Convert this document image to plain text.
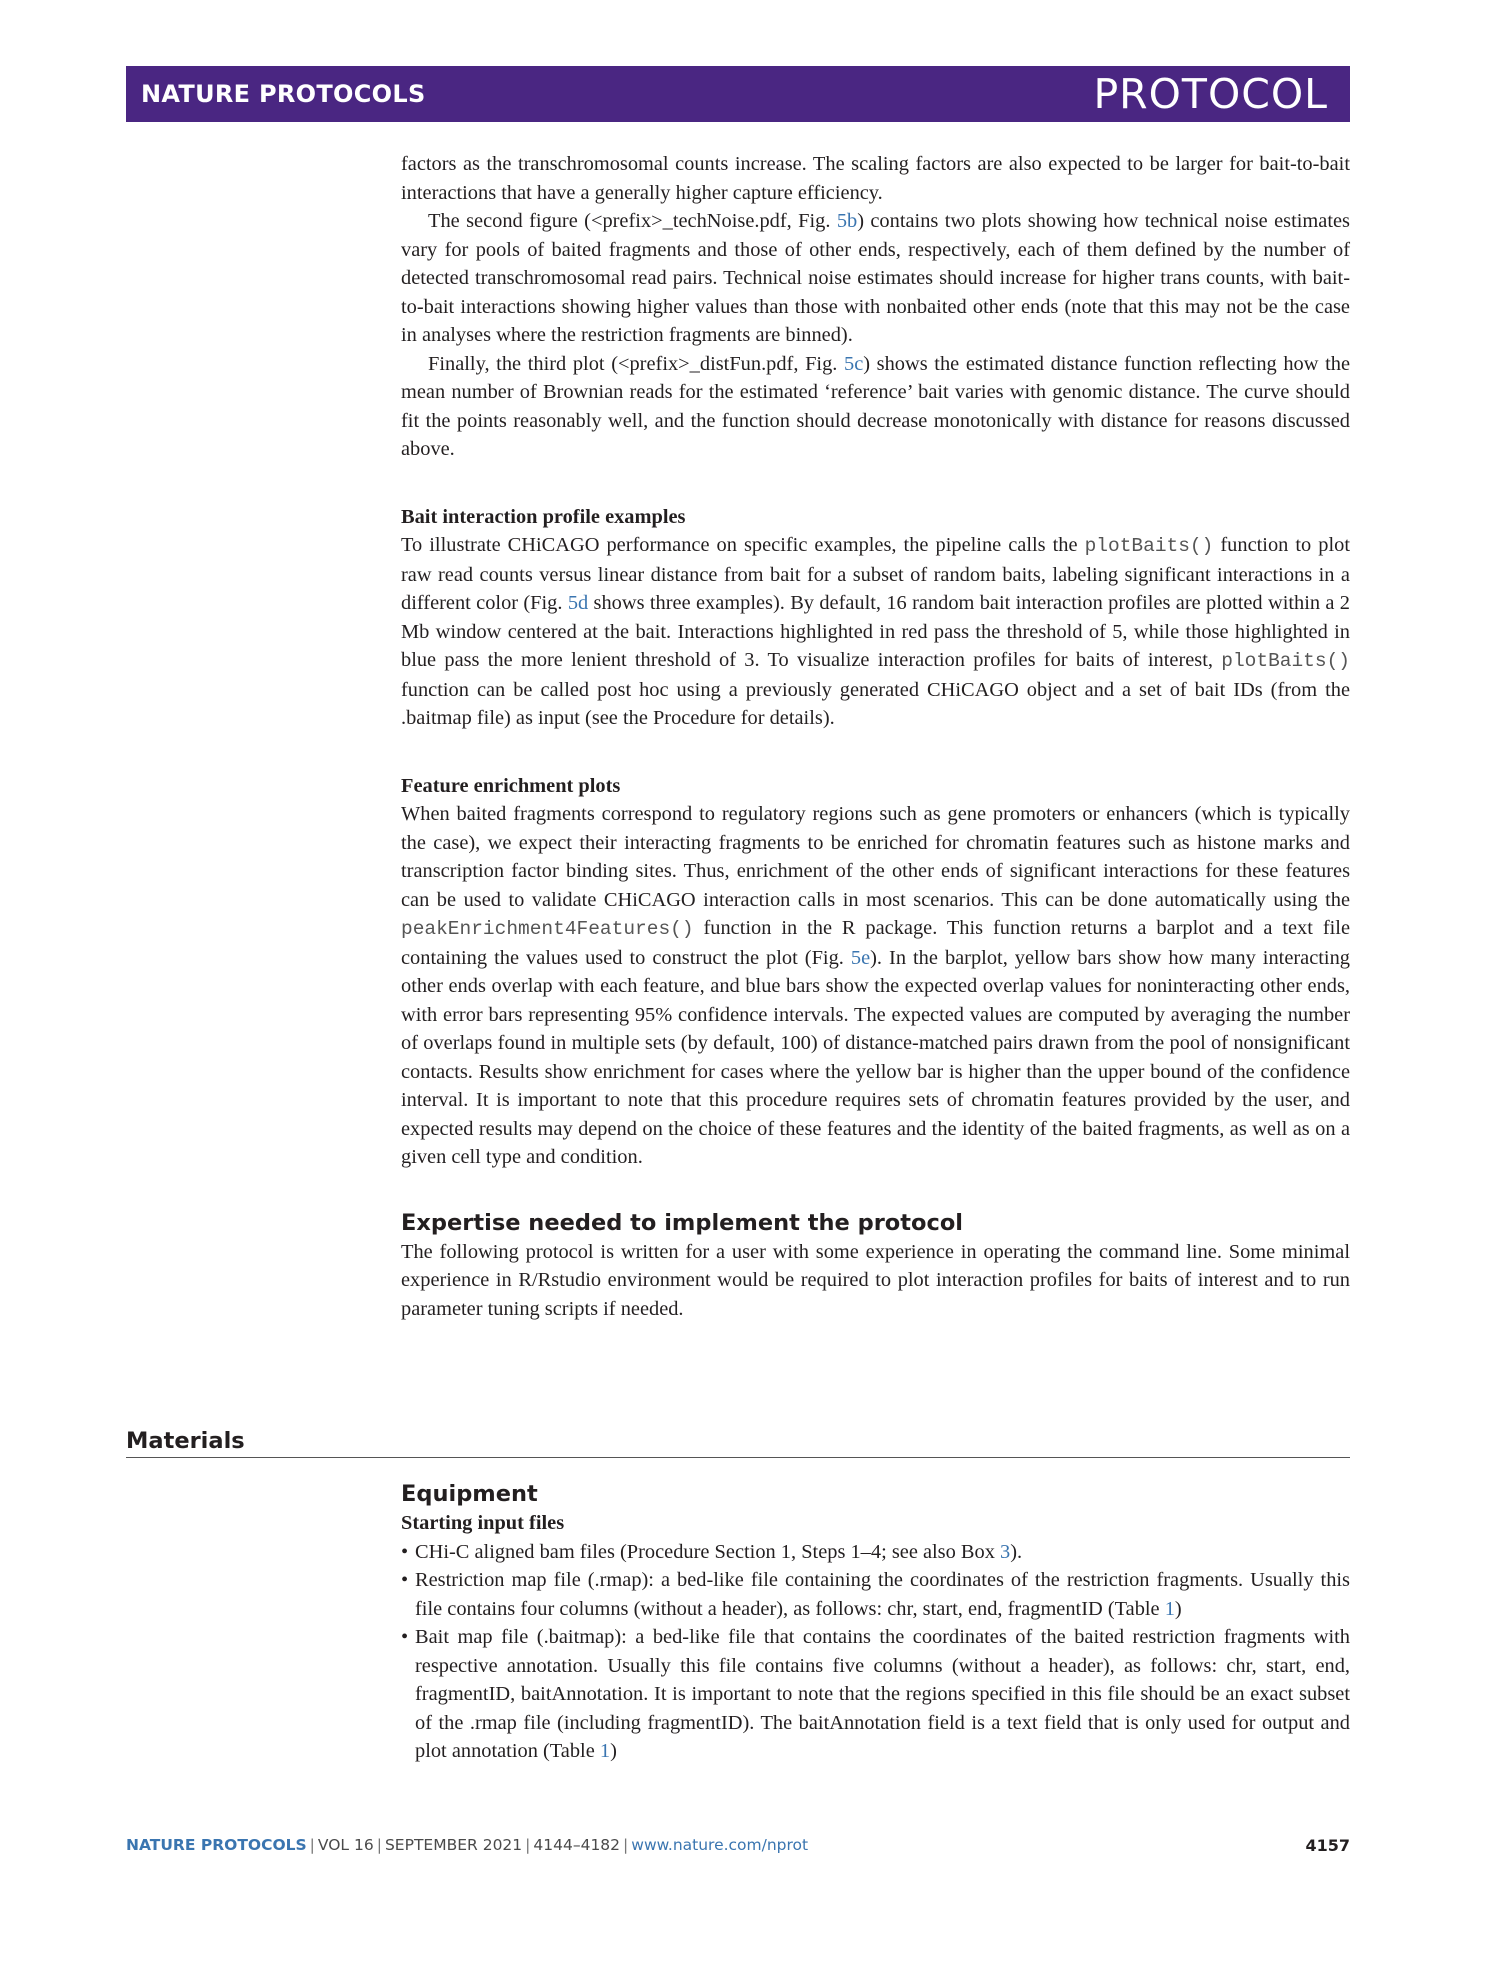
NATURE PROTOCOLS	PROTOCOL

factors as the transchromosomal counts increase. The scaling factors are also expected to be larger for bait-to-bait interactions that have a generally higher capture efficiency.

The second figure (<prefix>_techNoise.pdf, Fig. 5b) contains two plots showing how technical noise estimates vary for pools of baited fragments and those of other ends, respectively, each of them defined by the number of detected transchromosomal read pairs. Technical noise estimates should increase for higher trans counts, with bait-to-bait interactions showing higher values than those with nonbaited other ends (note that this may not be the case in analyses where the restriction fragments are binned).

Finally, the third plot (<prefix>_distFun.pdf, Fig. 5c) shows the estimated distance function reflecting how the mean number of Brownian reads for the estimated ‘reference’ bait varies with genomic distance. The curve should fit the points reasonably well, and the function should decrease monotonically with distance for reasons discussed above.

Bait interaction profile examples

To illustrate CHiCAGO performance on specific examples, the pipeline calls the plotBaits() function to plot raw read counts versus linear distance from bait for a subset of random baits, labeling significant interactions in a different color (Fig. 5d shows three examples). By default, 16 random bait interaction profiles are plotted within a 2 Mb window centered at the bait. Interactions highlighted in red pass the threshold of 5, while those highlighted in blue pass the more lenient threshold of 3. To visualize interaction profiles for baits of interest, plotBaits() function can be called post hoc using a previously generated CHiCAGO object and a set of bait IDs (from the .baitmap file) as input (see the Procedure for details).

Feature enrichment plots

When baited fragments correspond to regulatory regions such as gene promoters or enhancers (which is typically the case), we expect their interacting fragments to be enriched for chromatin features such as histone marks and transcription factor binding sites. Thus, enrichment of the other ends of significant interactions for these features can be used to validate CHiCAGO interaction calls in most scenarios. This can be done automatically using the peakEnrichment4Features() function in the R package. This function returns a barplot and a text file containing the values used to construct the plot (Fig. 5e). In the barplot, yellow bars show how many interacting other ends overlap with each feature, and blue bars show the expected overlap values for noninteracting other ends, with error bars representing 95% confidence intervals. The expected values are computed by averaging the number of overlaps found in multiple sets (by default, 100) of distance-matched pairs drawn from the pool of nonsignificant contacts. Results show enrichment for cases where the yellow bar is higher than the upper bound of the confidence interval. It is important to note that this procedure requires sets of chromatin features provided by the user, and expected results may depend on the choice of these features and the identity of the baited fragments, as well as on a given cell type and condition.

Expertise needed to implement the protocol

The following protocol is written for a user with some experience in operating the command line. Some minimal experience in R/Rstudio environment would be required to plot interaction profiles for baits of interest and to run parameter tuning scripts if needed.

Materials
Equipment
Starting input files
• CHi-C aligned bam files (Procedure Section 1, Steps 1–4; see also Box 3).
• Restriction map file (.rmap): a bed-like file containing the coordinates of the restriction fragments. Usually this file contains four columns (without a header), as follows: chr, start, end, fragmentID (Table 1)
• Bait map file (.baitmap): a bed-like file that contains the coordinates of the baited restriction fragments with respective annotation. Usually this file contains five columns (without a header), as follows: chr, start, end, fragmentID, baitAnnotation. It is important to note that the regions specified in this file should be an exact subset of the .rmap file (including fragmentID). The baitAnnotation field is a text field that is only used for output and plot annotation (Table 1)
NATURE PROTOCOLS | VOL 16 | SEPTEMBER 2021 | 4144–4182 | www.nature.com/nprot	4157
